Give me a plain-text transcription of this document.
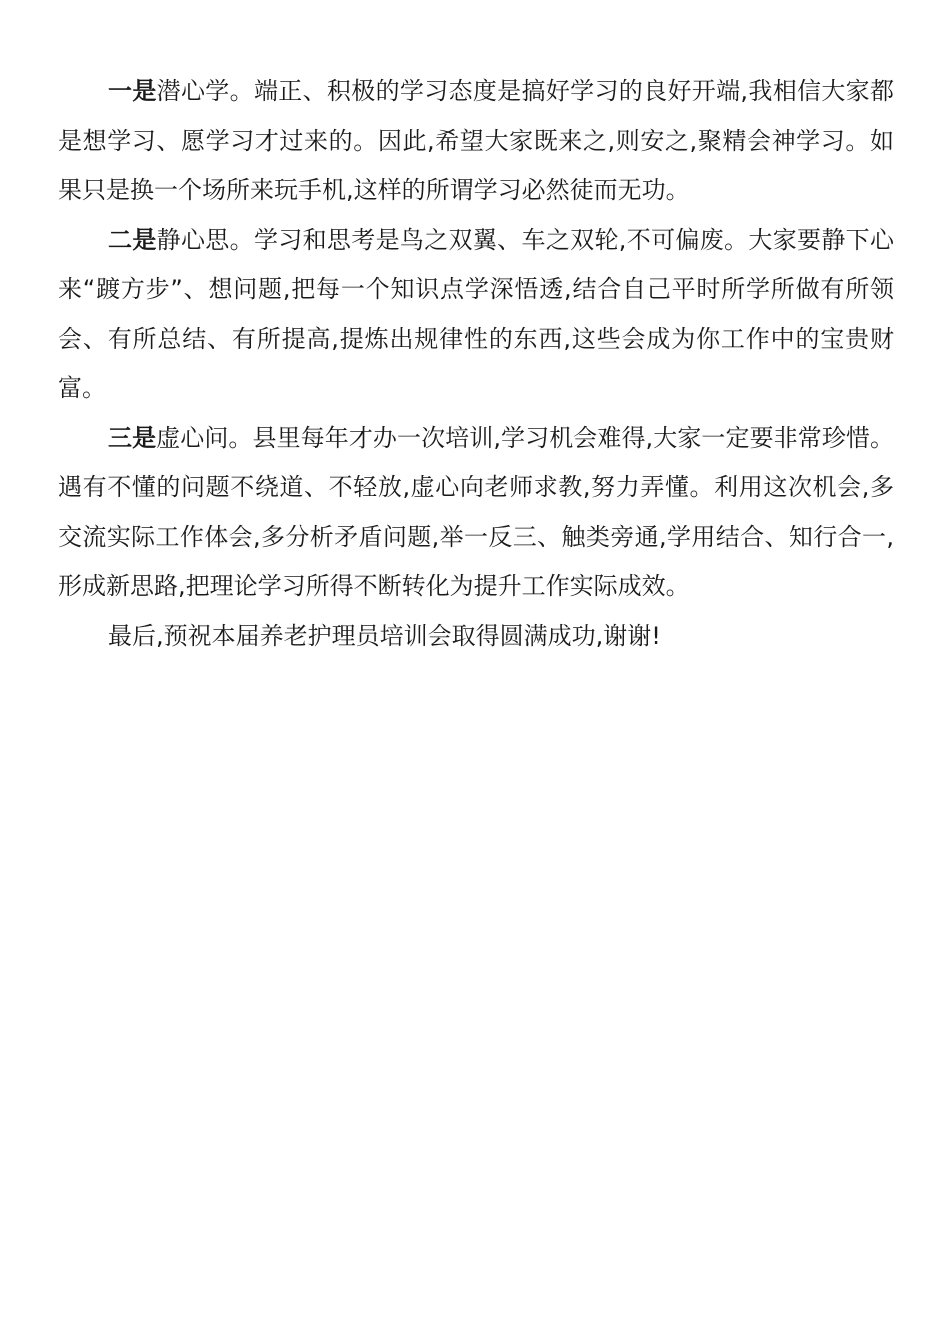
一是潜心学。端正、积极的学习态度是搞好学习的良好开端,我相信大家都是想学习、愿学习才过来的。因此,希望大家既来之,则安之,聚精会神学习。如果只是换一个场所来玩手机,这样的所谓学习必然徒而无功。

二是静心思。学习和思考是鸟之双翼、车之双轮,不可偏废。大家要静下心来“踱方步”、想问题,把每一个知识点学深悟透,结合自己平时所学所做有所领会、有所总结、有所提高,提炼出规律性的东西,这些会成为你工作中的宝贵财富。

三是虚心问。县里每年才办一次培训,学习机会难得,大家一定要非常珍惜。遇有不懂的问题不绕道、不轻放,虚心向老师求教,努力弄懂。利用这次机会,多交流实际工作体会,多分析矛盾问题,举一反三、触类旁通,学用结合、知行合一,形成新思路,把理论学习所得不断转化为提升工作实际成效。

最后,预祝本届养老护理员培训会取得圆满成功,谢谢!
